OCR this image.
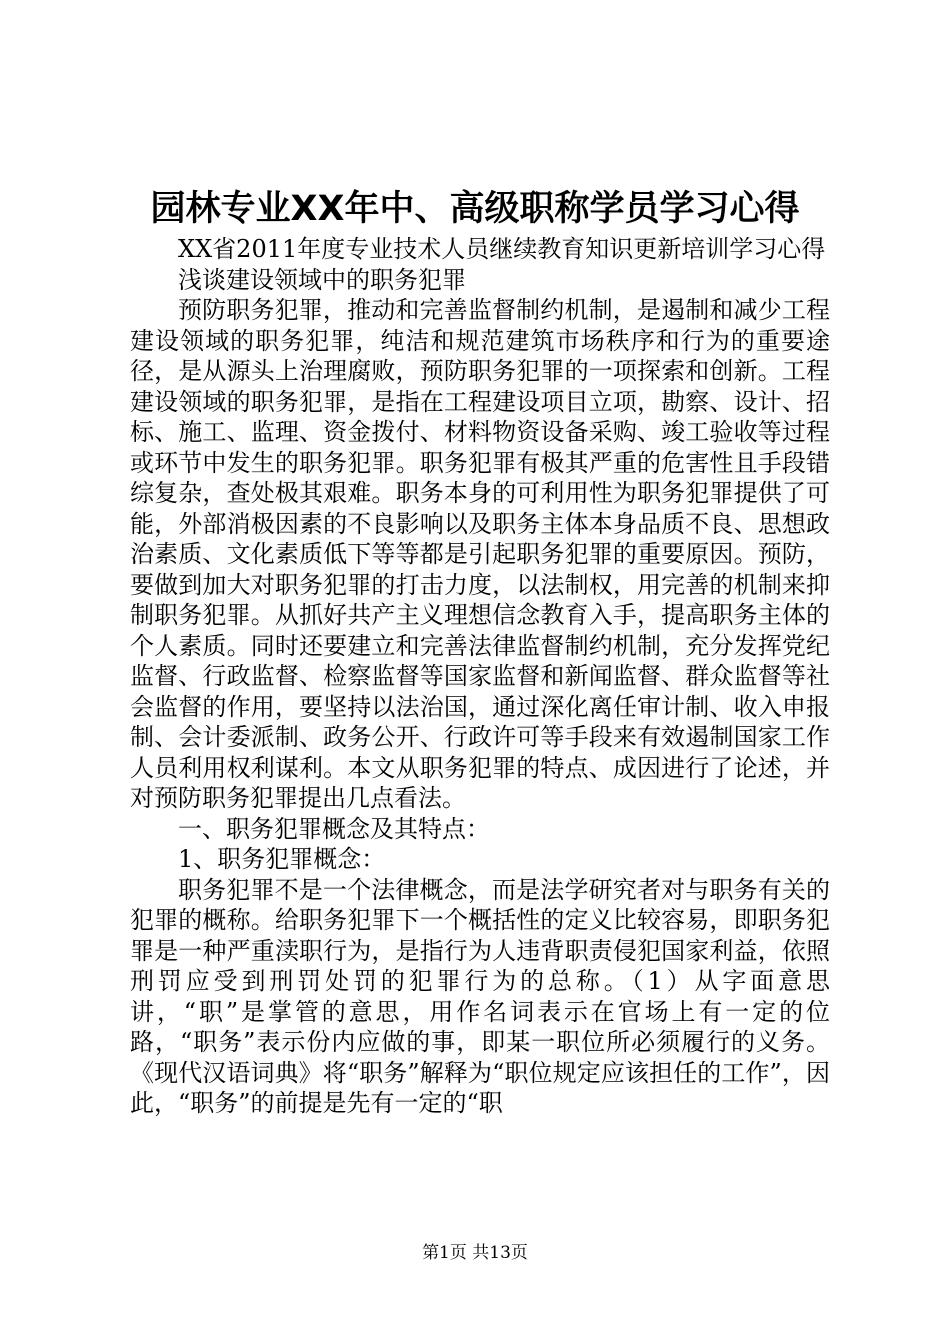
园林专业XX年中、高级职称学员学习心得

XX省2011年度专业技术人员继续教育知识更新培训学习心得

浅谈建设领域中的职务犯罪

预防职务犯罪，推动和完善监督制约机制，是遏制和减少工程建设领域的职务犯罪，纯洁和规范建筑市场秩序和行为的重要途径，是从源头上治理腐败，预防职务犯罪的一项探索和创新。工程建设领域的职务犯罪，是指在工程建设项目立项，勘察、设计、招标、施工、监理、资金拨付、材料物资设备采购、竣工验收等过程或环节中发生的职务犯罪。职务犯罪有极其严重的危害性且手段错综复杂，查处极其艰难。职务本身的可利用性为职务犯罪提供了可能，外部消极因素的不良影响以及职务主体本身品质不良、思想政治素质、文化素质低下等等都是引起职务犯罪的重要原因。预防，要做到加大对职务犯罪的打击力度，以法制权，用完善的机制来抑制职务犯罪。从抓好共产主义理想信念教育入手，提高职务主体的个人素质。同时还要建立和完善法律监督制约机制，充分发挥党纪监督、行政监督、检察监督等国家监督和新闻监督、群众监督等社会监督的作用，要坚持以法治国，通过深化离任审计制、收入申报制、会计委派制、政务公开、行政许可等手段来有效遏制国家工作人员利用权利谋利。本文从职务犯罪的特点、成因进行了论述，并对预防职务犯罪提出几点看法。

一、职务犯罪概念及其特点：

1、职务犯罪概念：

职务犯罪不是一个法律概念，而是法学研究者对与职务有关的犯罪的概称。给职务犯罪下一个概括性的定义比较容易，即职务犯罪是一种严重渎职行为，是指行为人违背职责侵犯国家利益，依照刑罚应受到刑罚处罚的犯罪行为的总称。（1）从字面意思讲，“职”是掌管的意思，用作名词表示在官场上有一定的位路，“职务”表示份内应做的事，即某一职位所必须履行的义务。《现代汉语词典》将“职务”解释为“职位规定应该担任的工作”，因此，“职务”的前提是先有一定的“职

第1页 共13页
